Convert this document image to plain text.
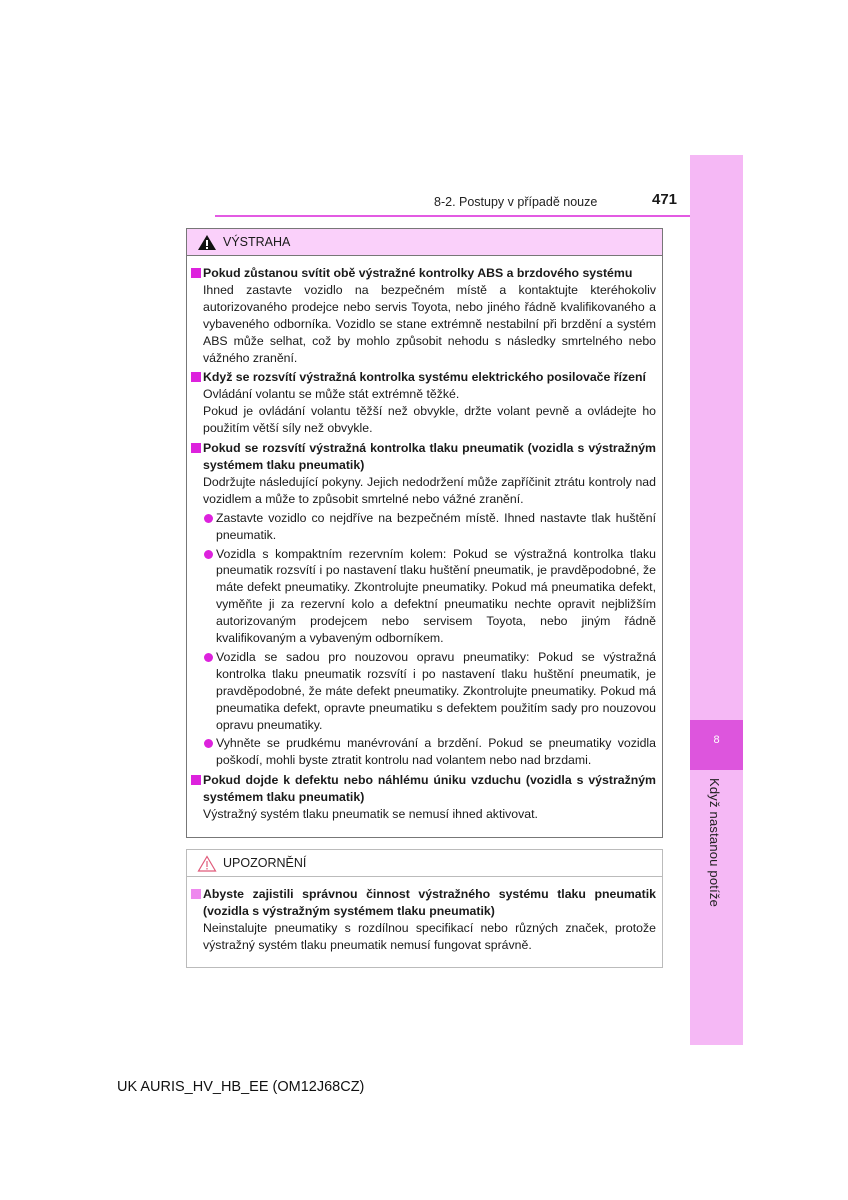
8
Když nastanou potíže
8-2. Postupy v případě nouze	471
VÝSTRAHA
Pokud zůstanou svítit obě výstražné kontrolky ABS a brzdového systému
Ihned zastavte vozidlo na bezpečném místě a kontaktujte kteréhokoliv autorizovaného prodejce nebo servis Toyota, nebo jiného řádně kvalifikovaného a vybaveného odborníka. Vozidlo se stane extrémně nestabilní při brzdění a systém ABS může selhat, což by mohlo způsobit nehodu s následky smrtelného nebo vážného zranění.
Když se rozsvítí výstražná kontrolka systému elektrického posilovače řízení
Ovládání volantu se může stát extrémně těžké.
Pokud je ovládání volantu těžší než obvykle, držte volant pevně a ovládejte ho použitím větší síly než obvykle.
Pokud se rozsvítí výstražná kontrolka tlaku pneumatik (vozidla s výstražným systémem tlaku pneumatik)
Dodržujte následující pokyny. Jejich nedodržení může zapříčinit ztrátu kontroly nad vozidlem a může to způsobit smrtelné nebo vážné zranění.
Zastavte vozidlo co nejdříve na bezpečném místě. Ihned nastavte tlak huštění pneumatik.
Vozidla s kompaktním rezervním kolem: Pokud se výstražná kontrolka tlaku pneumatik rozsvítí i po nastavení tlaku huštění pneumatik, je pravděpodobné, že máte defekt pneumatiky. Zkontrolujte pneumatiky. Pokud má pneumatika defekt, vyměňte ji za rezervní kolo a defektní pneumatiku nechte opravit nejbližším autorizovaným prodejcem nebo servisem Toyota, nebo jiným řádně kvalifikovaným a vybaveným odborníkem.
Vozidla se sadou pro nouzovou opravu pneumatiky: Pokud se výstražná kontrolka tlaku pneumatik rozsvítí i po nastavení tlaku huštění pneumatik, je pravděpodobné, že máte defekt pneumatiky. Zkontrolujte pneumatiky. Pokud má pneumatika defekt, opravte pneumatiku s defektem použitím sady pro nouzovou opravu pneumatiky.
Vyhněte se prudkému manévrování a brzdění. Pokud se pneumatiky vozidla poškodí, mohli byste ztratit kontrolu nad volantem nebo nad brzdami.
Pokud dojde k defektu nebo náhlému úniku vzduchu (vozidla s výstražným systémem tlaku pneumatik)
Výstražný systém tlaku pneumatik se nemusí ihned aktivovat.
UPOZORNĚNÍ
Abyste zajistili správnou činnost výstražného systému tlaku pneumatik (vozidla s výstražným systémem tlaku pneumatik)
Neinstalujte pneumatiky s rozdílnou specifikací nebo různých značek, protože výstražný systém tlaku pneumatik nemusí fungovat správně.
UK AURIS_HV_HB_EE (OM12J68CZ)
